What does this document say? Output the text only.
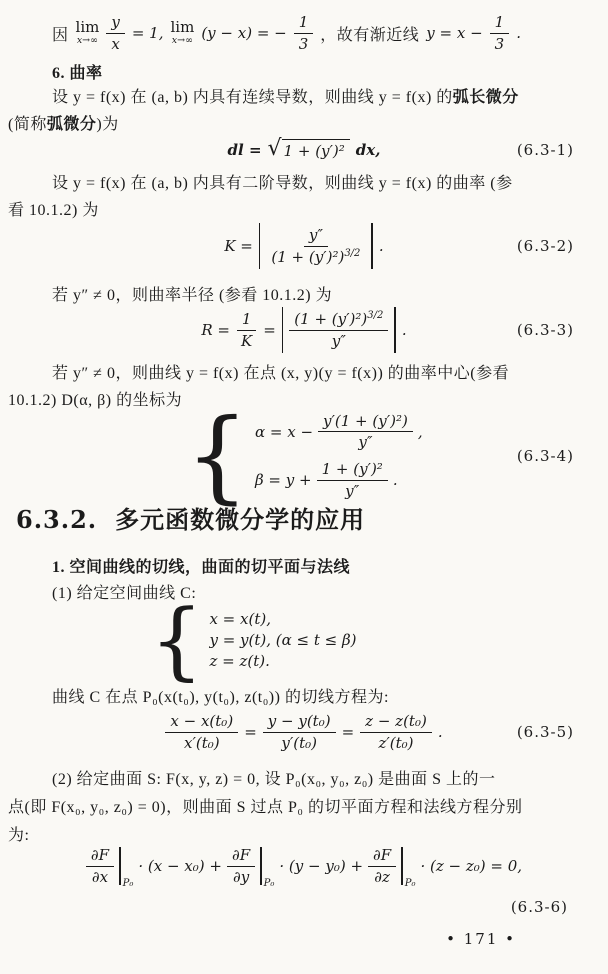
因 lim
$x\to\infty \frac{y}{x} = 1$, lim
x→∞ (y − x) = − $\frac{1}{3}$ ，故有渐近线 $y = x - \frac{1}{3}$ .
6. 曲率
设 y = f(x) 在 (a, b) 内具有连续导数，则曲线 y = f(x) 的弧长微分
(简称弧微分)为
dl = √ 1 + (y′)² dx,	(6.3-1)
设 y = f(x) 在 (a, b) 内具有二阶导数，则曲线 y = f(x) 的曲率 (参
看 10.1.2) 为
$K = \frac{y''}{(1 + (y')^2)^{3/2}}$ .	(6.3-2)
若 y″ ≠ 0，则曲率半径 (参看 10.1.2) 为
$R = \frac{1}{K} = \frac{(1 + (y')^2)^{3/2}}{y''}$ .	(6.3-3)
若 y″ ≠ 0，则曲线 y = f(x) 在点 (x, y)(y = f(x)) 的曲率中心(参看
10.1.2) D(α, β) 的坐标为 { $\alpha = x - \frac{\text{y′(1 + (y′)²)}}{y''}$ ,
$\beta = y + \frac{\text{1 + (y′)²}}{y''}$ .
(6.3-4)
6.3.2. 多元函数微分学的应用
1. 空间曲线的切线，曲面的切平面与法线
(1) 给定空间曲线 C:
{ x = x(t),
y = y(t), (α ≤ t ≤ β)
z = z(t).
曲线 C 在点 P₀(x(t₀), y(t₀), z(t₀)) 的切线方程为:
$\frac{\text{x − x(t₀)}}{\text{x′(t₀)}} = \frac{\text{y − y(t₀)}}{\text{y′(t₀)}} = \frac{\text{z − z(t₀)}}{\text{z′(t₀)}}$ .	(6.3-5)
(2) 给定曲面 S: F(x, y, z) = 0, 设 P₀(x₀, y₀, z₀) 是曲面 S 上的一
点(即 F(x₀, y₀, z₀) = 0)，则曲面 S 过点 P₀ 的切平面方程和法线方程分别
为:
$\frac{\partial F}{\partial x} P_0$
· $(x - x_0) + \frac{\partial F}{\partial y} P_0$
· $(y - y_0) + \frac{\partial F}{\partial z} P_0$
· (z − z₀) = 0,
(6.3-6)
• 171 •
